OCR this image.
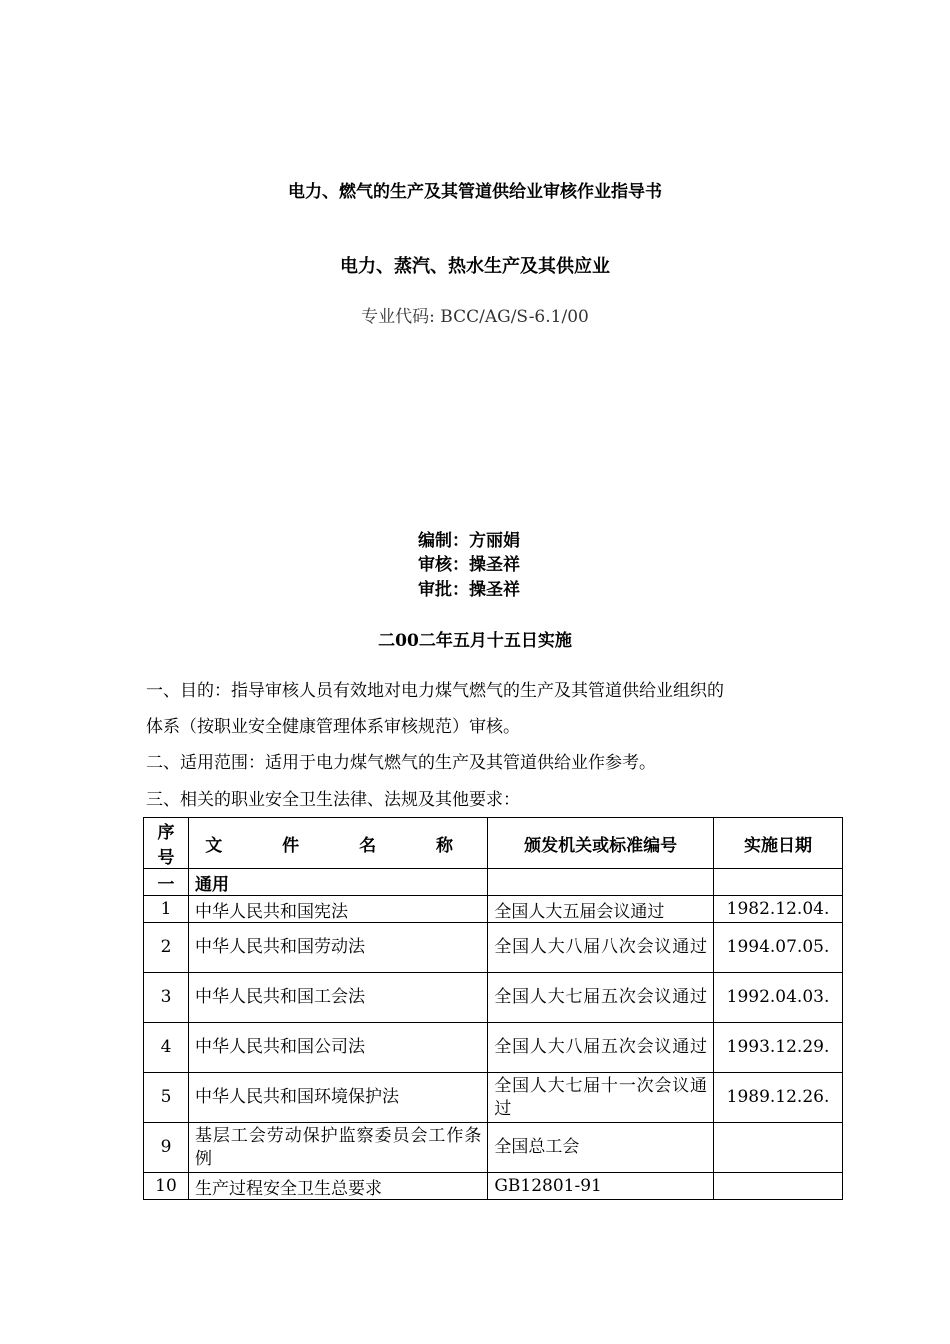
电力、燃气的生产及其管道供给业审核作业指导书
电力、蒸汽、热水生产及其供应业
专业代码: BCC/AG/S-6.1/00
编制：方丽娟
审核：操圣祥
审批：操圣祥
二00二年五月十五日实施
一、目的：指导审核人员有效地对电力煤气燃气的生产及其管道供给业组织的
体系（按职业安全健康管理体系审核规范）审核。
二、适用范围：适用于电力煤气燃气的生产及其管道供给业作参考。
三、相关的职业安全卫生法律、法规及其他要求：
序号	文 件 名 称	颁发机关或标准编号	实施日期
一	通用		
1	中华人民共和国宪法	全国人大五届会议通过	1982.12.04.
2	中华人民共和国劳动法	全国人大八届八次会议通过	1994.07.05.
3	中华人民共和国工会法	全国人大七届五次会议通过	1992.04.03.
4	中华人民共和国公司法	全国人大八届五次会议通过	1993.12.29.
5	中华人民共和国环境保护法	全国人大七届十一次会议通过	1989.12.26.
9	基层工会劳动保护监察委员会工作条例	全国总工会	
10	生产过程安全卫生总要求	GB12801-91	
